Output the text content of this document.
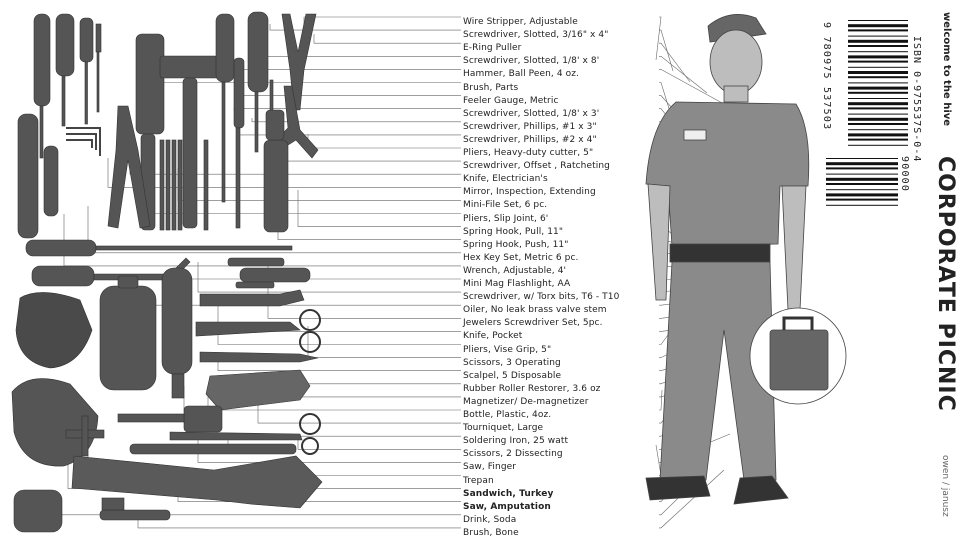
Wire Stripper, Adjustable
Screwdriver, Slotted, 3/16" x 4"
E-Ring Puller
Screwdriver, Slotted, 1/8' x 8'
Hammer, Ball Peen, 4 oz.
Brush, Parts
Feeler Gauge, Metric
Screwdriver, Slotted, 1/8' x 3'
Screwdriver, Phillips, #1 x 3"
Screwdriver, Phillips, #2 x 4"
Pliers, Heavy-duty cutter, 5"
Screwdriver, Offset , Ratcheting
Knife, Electrician's
Mirror, Inspection, Extending
Mini-File Set, 6 pc.
Pliers, Slip Joint, 6'
Spring Hook, Pull, 11"
Spring Hook, Push, 11"
Hex Key Set, Metric 6 pc.
Wrench, Adjustable, 4'
Mini Mag Flashlight, AA
Screwdriver, w/ Torx bits, T6 - T10
Oiler, No leak brass valve stem
Jewelers Screwdriver Set, 5pc.
Knife, Pocket
Pliers, Vise Grip, 5"
Scissors, 3 Operating
Scalpel, 5 Disposable
Rubber Roller Restorer, 3.6 oz
Magnetizer/ De-magnetizer
Bottle, Plastic, 4oz.
Tourniquet, Large
Soldering Iron, 25 watt
Scissors, 2 Dissecting
Saw, Finger
Trepan
Sandwich, Turkey
Saw, Amputation
Drink, Soda
Brush, Bone
CORPORATE PICNIC
welcome to the hive
ISBN 0-975537S-0-4
9 780975 537503
90000
owen / janusz
